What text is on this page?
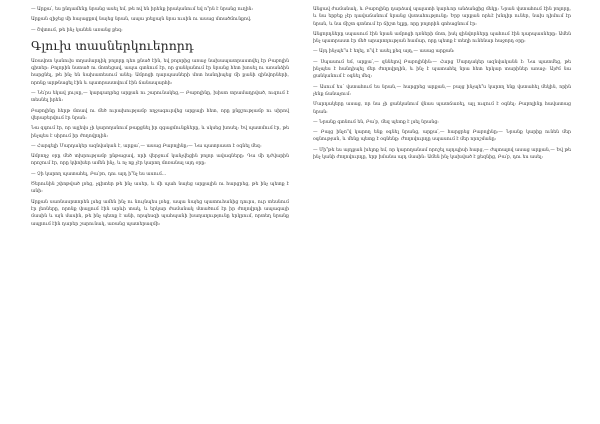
— Արքա՛, ես ընդամենը նրանց ասել եմ, թե ով են իրենք իրականում եվ ո՞րն է նրանց ուղին:

Արքան զիջեց մի հայացքով նայեց նրան, ապա լռելյայն նրա ուսին ու ասաց մտածմունքով.

— Շվտում, թե ինչ կանեն առանց քեզ:

Գլուխ տասներկուերորդ

Առավոտ կանուխ տղամարդիկ բոլորը դեռ քնած էին, եվ բոլորից առաջ նախապատրաստվել էր Բաբոլին գիտեր: Բոլորին նստած ու մոտեցավ, ապա գտնում էր, որ ցանկանում էր նրանց հետ խոսել ու առանձին հարցնել, թե ինչ են նախատեսում անել: Ամրոցի դարպասների մոտ հանդիպեց մի քանի զինվորների, որոնք արթնացել էին և պատրաստվում էին ճանապարհի:

— Նե՛րս եկավ լույսը,— կարգադրեց արքան ու շարունակեց,— Բաբոլինը, խիստ տրամադրված, ուզում է տեսնել իրեն:

Բաբոլինը հերթ մտավ ու մեծ ուրախությամբ ողջագուրվեց արքայի հետ, որը քնքշությամբ ու սիրով վերաբերվում էր նրան:

Նա զգում էր, որ այլեվս չի կարողանում թաքցնել իր զգացմունքները, և սկսեց խոսել: Եվ պատմում էր, թե ինչպես է սիրում իր ժողովրդին:

— Հարգելի Մարդակեր ազնվական է, արքա՛,— ասաց Բաբոլինը:— Նա պատրաստ է օգնել մեզ:

Ամբողջ օրը մեծ տխրությամբ ընթացավ, որի վերջում կանչվեցին բոլոր ավագները: Դա մի դժվարին որոշում էր, որը կփոխեր ամեն ինչ, և ոչ ոք չէր կարող մոռանալ այդ օրը:

— Չի կարող պատահել, Բա՛բո, դու այդ ի՞նչ ես ասում...

Ծերունին շփոթված լռեց, չգիտեր թե ինչ ասեր, և մի պահ նայեց արքային ու հարցրեց, թե ինչ պետք է անի:

Արքան սառնասրտորեն լսեց ամեն ինչ ու նույնպես լռեց, ապա նայեց պատուհանից դուրս, ուր տեսնում էր լեռները, որոնք փայլում էին արևի տակ, և երկար ժամանակ մտածում էր իր ժողովրդի ապագայի մասին և այն մասին, թե ինչ պետք է անի, որպեսզի պահպանի խաղաղությունը երկրում, որտեղ նրանք ապրում էին դարեր շարունակ, առանց պատերազմի:

Անցավ ժամանակ, և Բաբոլինը դարձավ պալատի կարևոր անձանցից մեկը: Նրան վստահում էին բոլորը, և նա երբեք չէր դավաճանում նրանց վստահությունը: Երբ արքան որևէ խնդիր ուներ, նախ դիմում էր նրան, և նա միշտ գտնում էր ճիշտ ելքը, որը բոլորին գոհացնում էր:

Անցորդները սպասում էին նրան ամրոցի դռների մոտ, իսկ զինվորները պահում էին դարպասները: Ամեն ինչ պատրաստ էր մեծ արարողության համար, որը պետք է տեղի ունենար հաջորդ օրը:

— Այդ ինչպե՞ս է եղել, ո՞վ է ասել քեզ այդ,— ասաց արքան:

— Սպասում եմ, արքա՛,— զննելով Բաբոլինին:— Հարց Մարդակեր ազնվականն է: Նա պատմեց, թե ինչպես է հանդիպել մեր ժողովրդին, և ինչ է պատահել նրա հետ երկար տարիներ առաջ: Այժմ նա ցանկանում է օգնել մեզ:

— Ասում ես՝ վստահում ես նրան,— հարցրեց արքան,— բայց ինչպե՞ս կարող ենք վստահել մեկին, որին չենք ճանաչում:

Մարդակերը ասաց, որ նա չի ցանկանում վնաս պատճառել, այլ ուզում է օգնել: Բաբոլինը հավատաց նրան:

— Նրանք գտնում են, Բա՛բ, մեզ պետք է լսել նրանց:

— Բայց ինչո՞վ կարող ենք օգնել նրանց, արքա՛,— հարցրեց Բաբոլինը:— Նրանք կարիք ունեն մեր օգնության, և մենք պետք է օգնենք: Ժողովուրդը սպասում է մեր որոշմանը:

— Մի՞թե ես այդքան խելոք եմ, որ կարողանամ որոշել այդպիսի հարց,— ժպտալով ասաց արքան,— Եվ թե ինչ կանի ժողովուրդը, երբ իմանա այդ մասին: Ամեն ինչ կախված է քեզնից, Բա՛բ, դու ես ասել:
